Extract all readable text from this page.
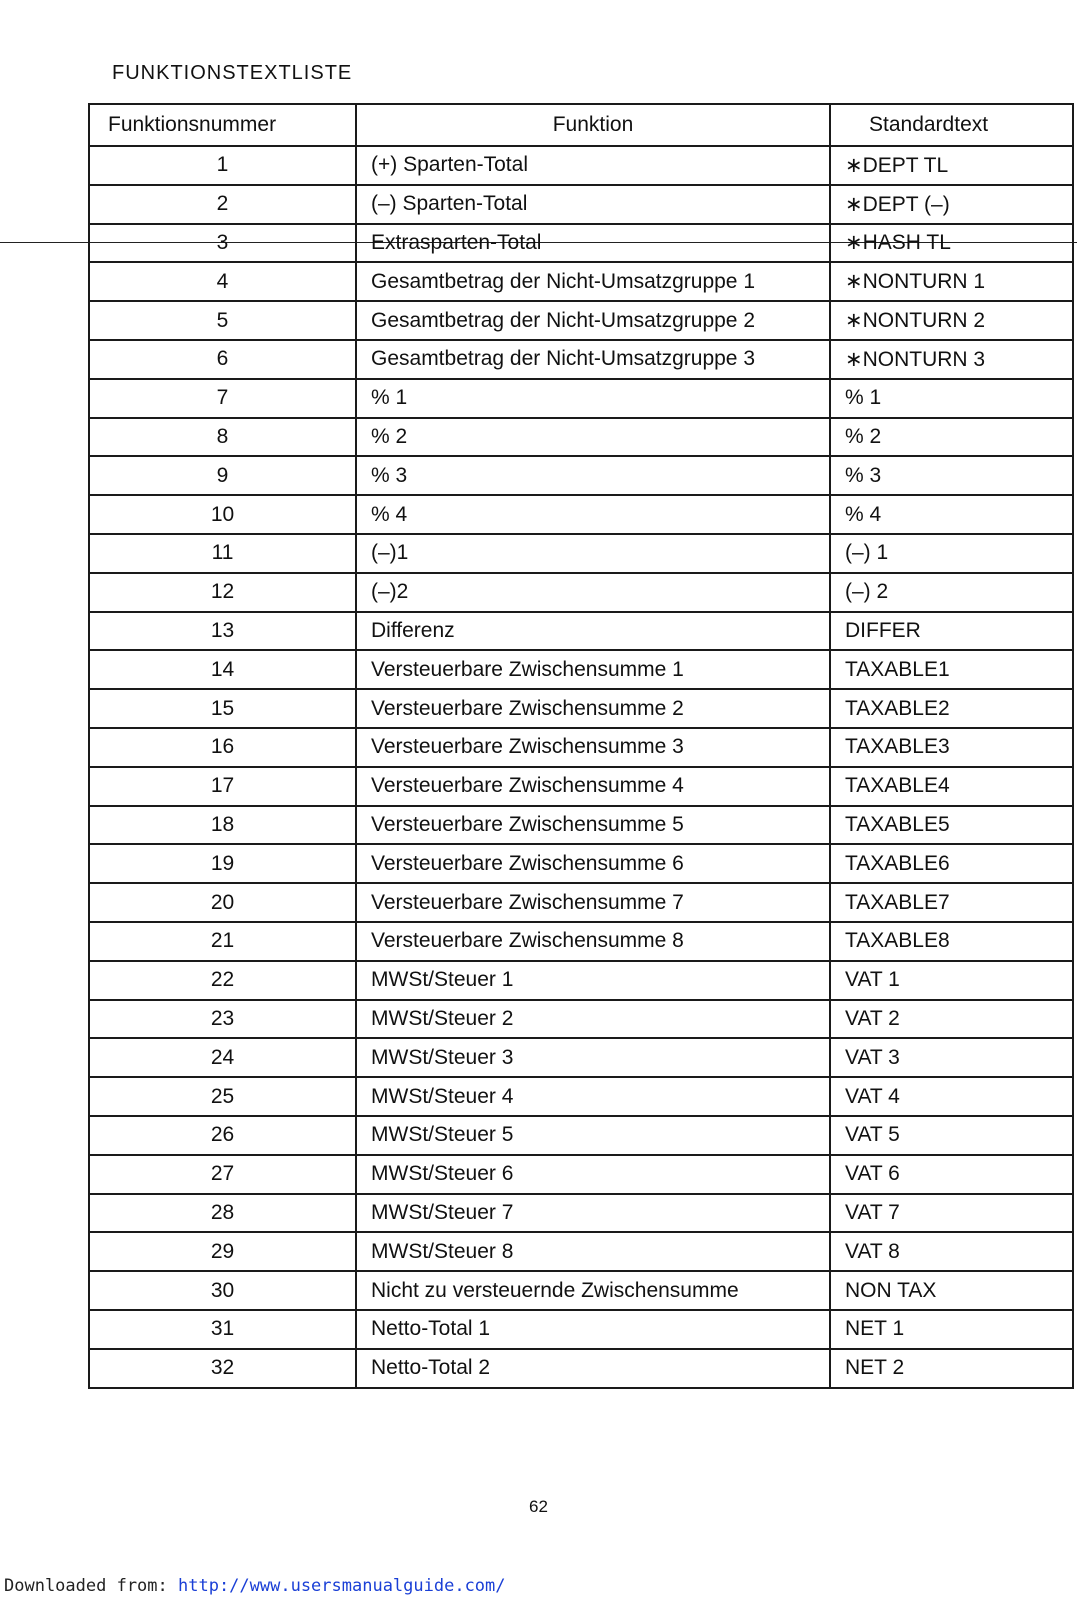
FUNKTIONSTEXTLISTE
Funktionsnummer	Funktion	Standardtext
1	(+) Sparten-Total	∗DEPT TL
2	(–) Sparten-Total	∗DEPT (–)
3	Extrasparten-Total	∗HASH TL
4	Gesamtbetrag der Nicht-Umsatzgruppe 1	∗NONTURN 1
5	Gesamtbetrag der Nicht-Umsatzgruppe 2	∗NONTURN 2
6	Gesamtbetrag der Nicht-Umsatzgruppe 3	∗NONTURN 3
7	% 1	% 1
8	% 2	% 2
9	% 3	% 3
10	% 4	% 4
11	(–)1	(–) 1
12	(–)2	(–) 2
13	Differenz	DIFFER
14	Versteuerbare Zwischensumme 1	TAXABLE1
15	Versteuerbare Zwischensumme 2	TAXABLE2
16	Versteuerbare Zwischensumme 3	TAXABLE3
17	Versteuerbare Zwischensumme 4	TAXABLE4
18	Versteuerbare Zwischensumme 5	TAXABLE5
19	Versteuerbare Zwischensumme 6	TAXABLE6
20	Versteuerbare Zwischensumme 7	TAXABLE7
21	Versteuerbare Zwischensumme 8	TAXABLE8
22	MWSt/Steuer 1	VAT 1
23	MWSt/Steuer 2	VAT 2
24	MWSt/Steuer 3	VAT 3
25	MWSt/Steuer 4	VAT 4
26	MWSt/Steuer 5	VAT 5
27	MWSt/Steuer 6	VAT 6
28	MWSt/Steuer 7	VAT 7
29	MWSt/Steuer 8	VAT 8
30	Nicht zu versteuernde Zwischensumme	NON TAX
31	Netto-Total 1	NET 1
32	Netto-Total 2	NET 2
62
Downloaded from: http://www.usersmanualguide.com/
